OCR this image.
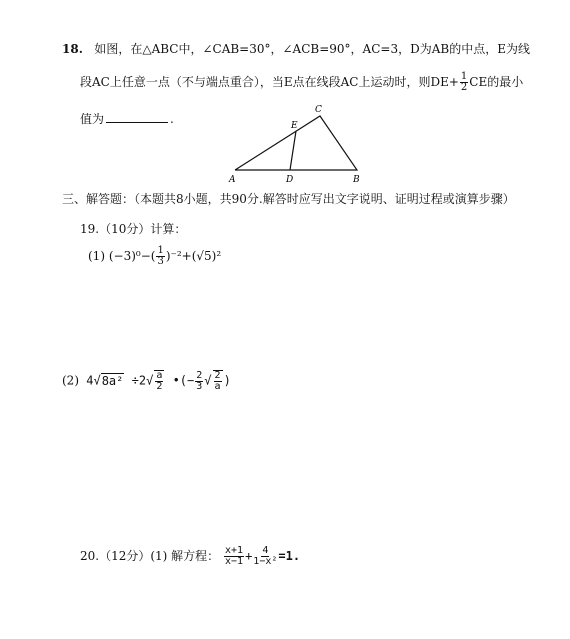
18. 如图，在△ABC中，∠CAB=30°，∠ACB=90°，AC=3，D为AB的中点，E为线
段AC上任意一点（不与端点重合），当E点在线段AC上运动时，则$DE+ \frac{1}{2}$ CE的最小
值为	.
A	D	B
C
E
三、解答题：（本题共8小题，共90分.解答时应写出文字说明、证明过程或演算步骤）
19.（10分）计算：
(1) $(-3)^0-( \frac{1}{3} )^{-2}+(√5)^2$
(2) $4√8a^2 \div 2√ \frac{a}{2}$ •(− $\frac{2}{3}$ √ $\frac{2}{a}$ )
20.（12分）(1) 解方程： $\frac{x+1}{x-1} + \frac{4}{\text{1−x²}} =1$.
